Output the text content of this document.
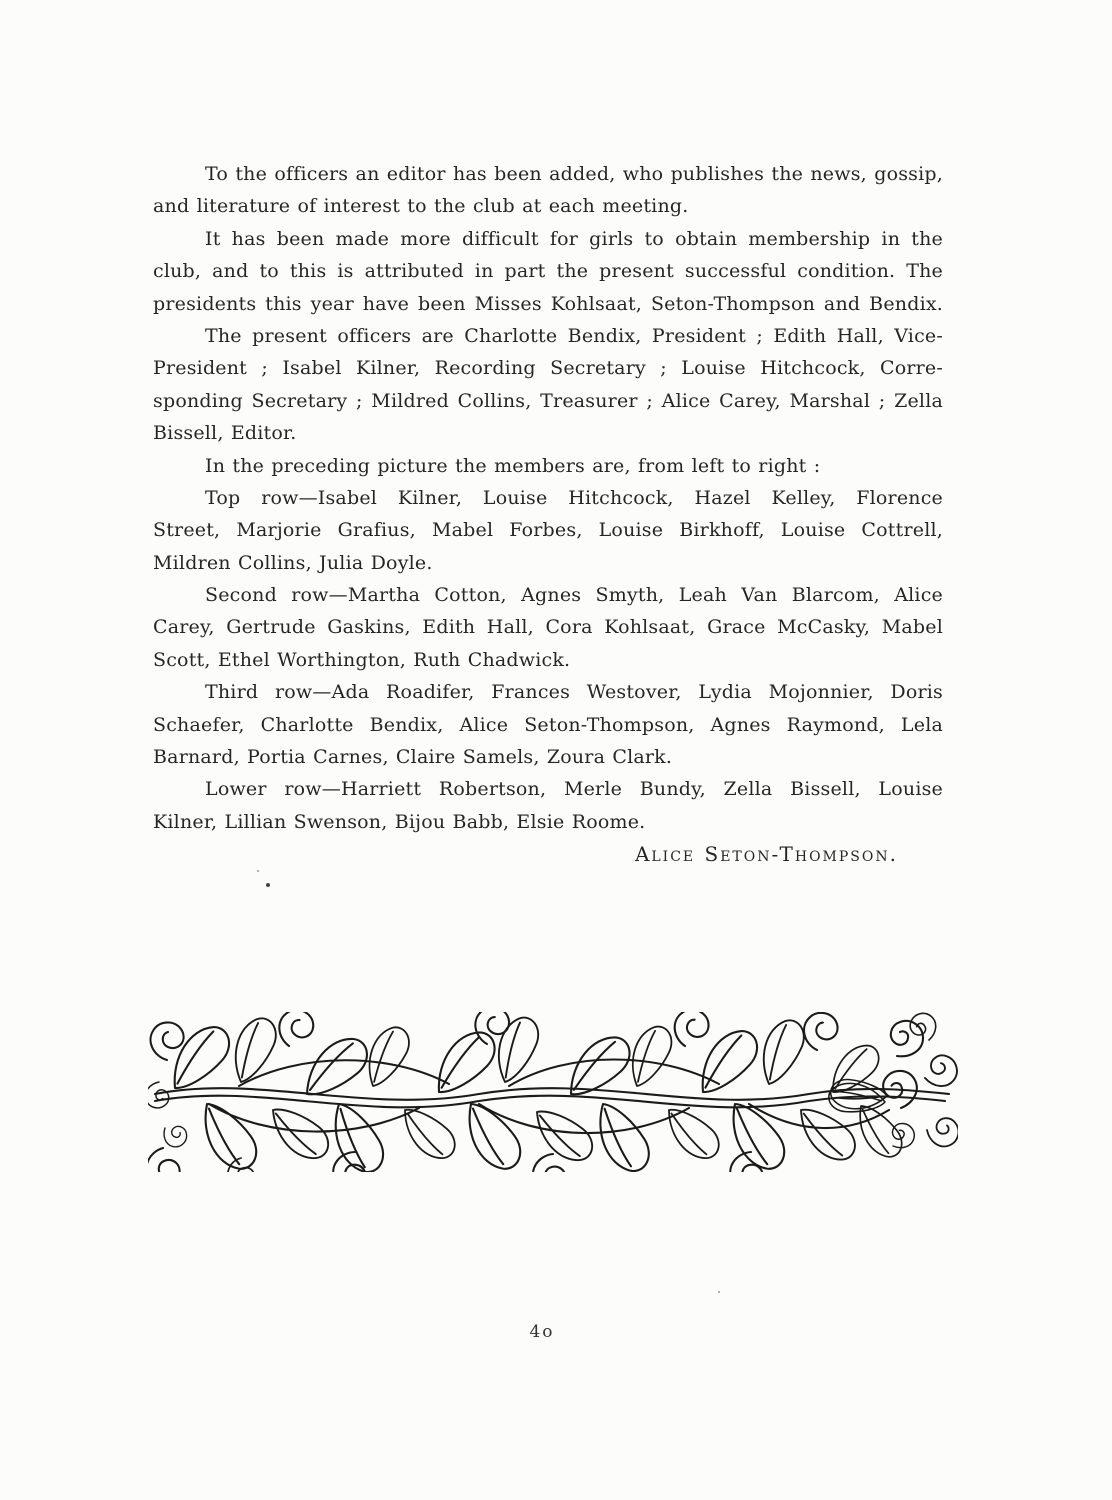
To the officers an editor has been added, who publishes the news, gossip,
and literature of interest to the club at each meeting.
It has been made more difficult for girls to obtain membership in the
club, and to this is attributed in part the present successful condition. The
presidents this year have been Misses Kohlsaat, Seton-Thompson and Bendix.
The present officers are Charlotte Bendix, President ; Edith Hall, Vice-
President ; Isabel Kilner, Recording Secretary ; Louise Hitchcock, Corre-
sponding Secretary ; Mildred Collins, Treasurer ; Alice Carey, Marshal ; Zella
Bissell, Editor.
In the preceding picture the members are, from left to right :
Top row—Isabel Kilner, Louise Hitchcock, Hazel Kelley, Florence
Street, Marjorie Grafius, Mabel Forbes, Louise Birkhoff, Louise Cottrell,
Mildren Collins, Julia Doyle.
Second row—Martha Cotton, Agnes Smyth, Leah Van Blarcom, Alice
Carey, Gertrude Gaskins, Edith Hall, Cora Kohlsaat, Grace McCasky, Mabel
Scott, Ethel Worthington, Ruth Chadwick.
Third row—Ada Roadifer, Frances Westover, Lydia Mojonnier, Doris
Schaefer, Charlotte Bendix, Alice Seton-Thompson, Agnes Raymond, Lela
Barnard, Portia Carnes, Claire Samels, Zoura Clark.
Lower row—Harriett Robertson, Merle Bundy, Zella Bissell, Louise
Kilner, Lillian Swenson, Bijou Babb, Elsie Roome.
Alice Seton-Thompson.
4o
